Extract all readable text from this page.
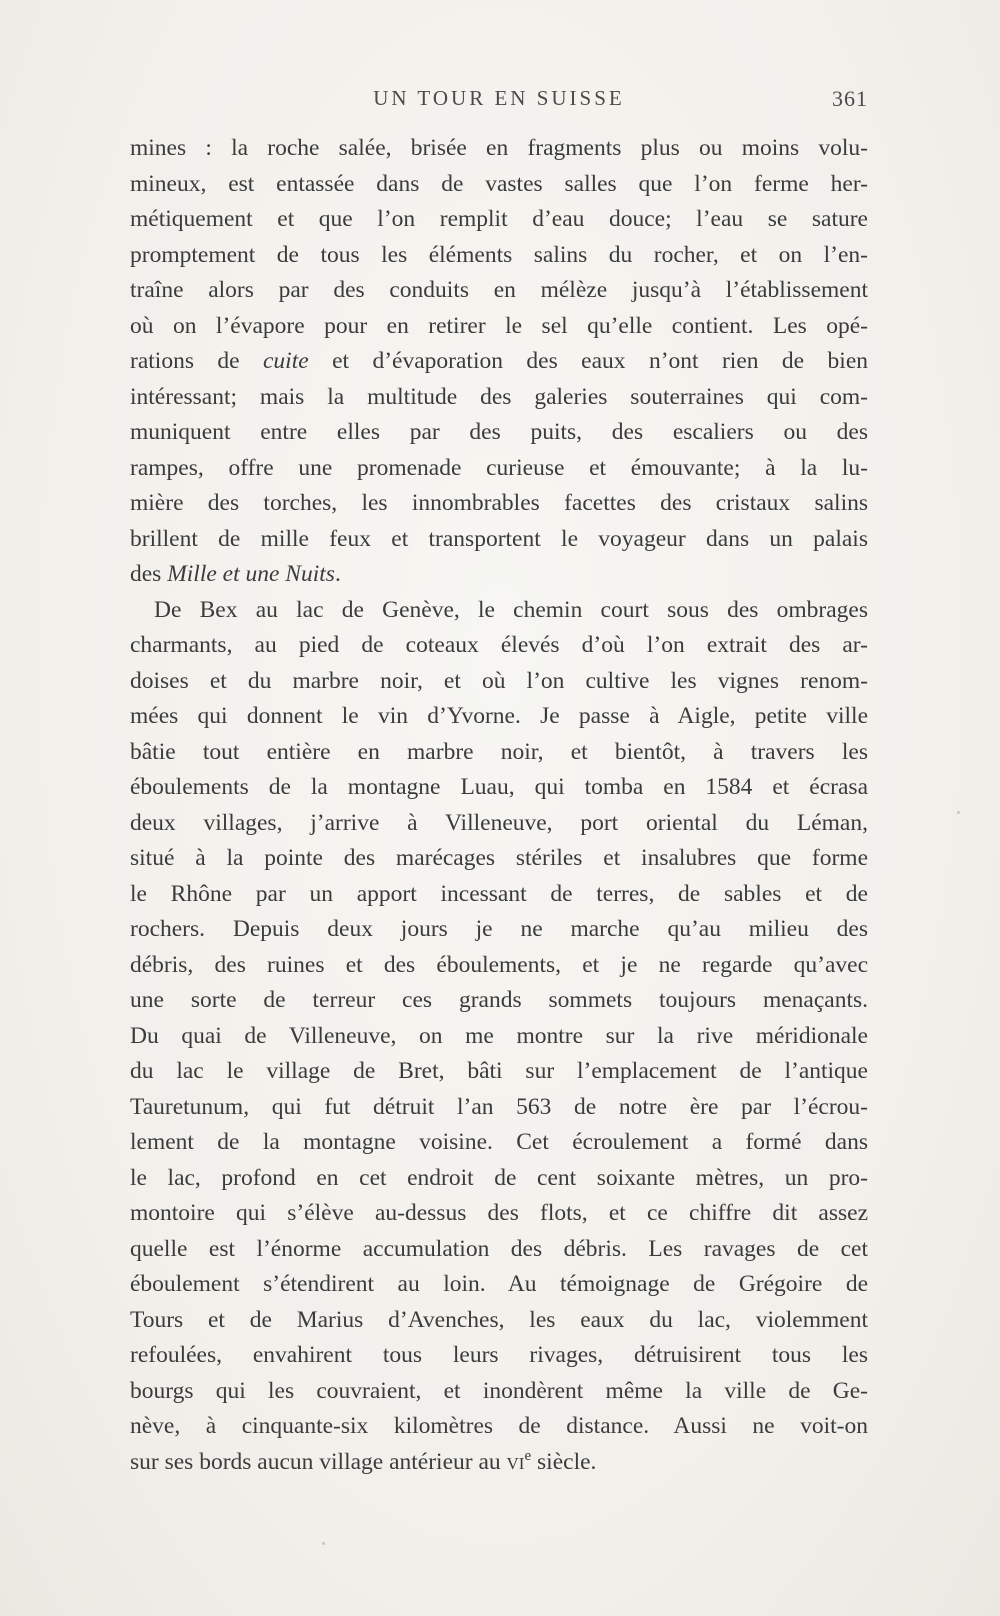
UN TOUR EN SUISSE	361
mines : la roche salée, brisée en fragments plus ou moins volu-
mineux, est entassée dans de vastes salles que l’on ferme her-
métiquement et que l’on remplit d’eau douce; l’eau se sature
promptement de tous les éléments salins du rocher, et on l’en-
traîne alors par des conduits en mélèze jusqu’à l’établissement
où on l’évapore pour en retirer le sel qu’elle contient. Les opé-
rations de cuite et d’évaporation des eaux n’ont rien de bien
intéressant; mais la multitude des galeries souterraines qui com-
muniquent entre elles par des puits, des escaliers ou des
rampes, offre une promenade curieuse et émouvante; à la lu-
mière des torches, les innombrables facettes des cristaux salins
brillent de mille feux et transportent le voyageur dans un palais
des Mille et une Nuits.
De Bex au lac de Genève, le chemin court sous des ombrages
charmants, au pied de coteaux élevés d’où l’on extrait des ar-
doises et du marbre noir, et où l’on cultive les vignes renom-
mées qui donnent le vin d’Yvorne. Je passe à Aigle, petite ville
bâtie tout entière en marbre noir, et bientôt, à travers les
éboulements de la montagne Luau, qui tomba en 1584 et écrasa
deux villages, j’arrive à Villeneuve, port oriental du Léman,
situé à la pointe des marécages stériles et insalubres que forme
le Rhône par un apport incessant de terres, de sables et de
rochers. Depuis deux jours je ne marche qu’au milieu des
débris, des ruines et des éboulements, et je ne regarde qu’avec
une sorte de terreur ces grands sommets toujours menaçants.
Du quai de Villeneuve, on me montre sur la rive méridionale
du lac le village de Bret, bâti sur l’emplacement de l’antique
Tauretunum, qui fut détruit l’an 563 de notre ère par l’écrou-
lement de la montagne voisine. Cet écroulement a formé dans
le lac, profond en cet endroit de cent soixante mètres, un pro-
montoire qui s’élève au-dessus des flots, et ce chiffre dit assez
quelle est l’énorme accumulation des débris. Les ravages de cet
éboulement s’étendirent au loin. Au témoignage de Grégoire de
Tours et de Marius d’Avenches, les eaux du lac, violemment
refoulées, envahirent tous leurs rivages, détruisirent tous les
bourgs qui les couvraient, et inondèrent même la ville de Ge-
nève, à cinquante-six kilomètres de distance. Aussi ne voit-on
sur ses bords aucun village antérieur au VIe siècle.
